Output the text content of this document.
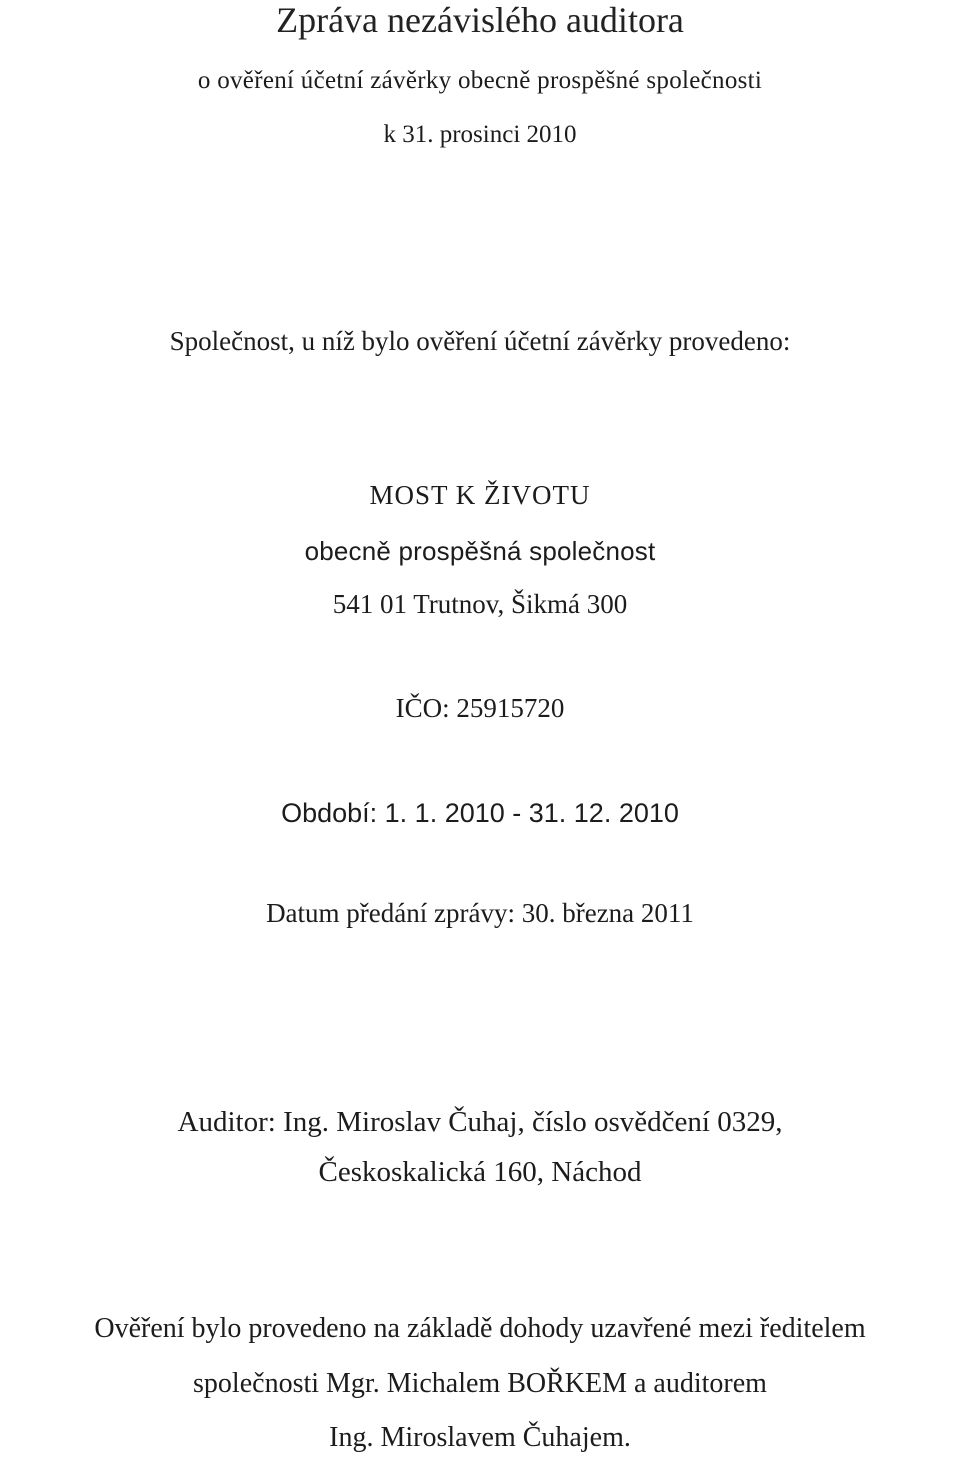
Zpráva nezávislého auditora
o ověření účetní závěrky obecně prospěšné společnosti
k 31. prosinci 2010
Společnost, u níž bylo ověření účetní závěrky provedeno:
MOST K ŽIVOTU
obecně prospěšná společnost
541 01 Trutnov, Šikmá 300
IČO: 25915720
Období: 1. 1. 2010 - 31. 12. 2010
Datum předání zprávy: 30. března 2011
Auditor: Ing. Miroslav Čuhaj, číslo osvědčení 0329,
Českoskalická 160, Náchod
Ověření bylo provedeno na základě dohody uzavřené mezi ředitelem
společnosti Mgr. Michalem BOŘKEM a auditorem
Ing. Miroslavem Čuhajem.
